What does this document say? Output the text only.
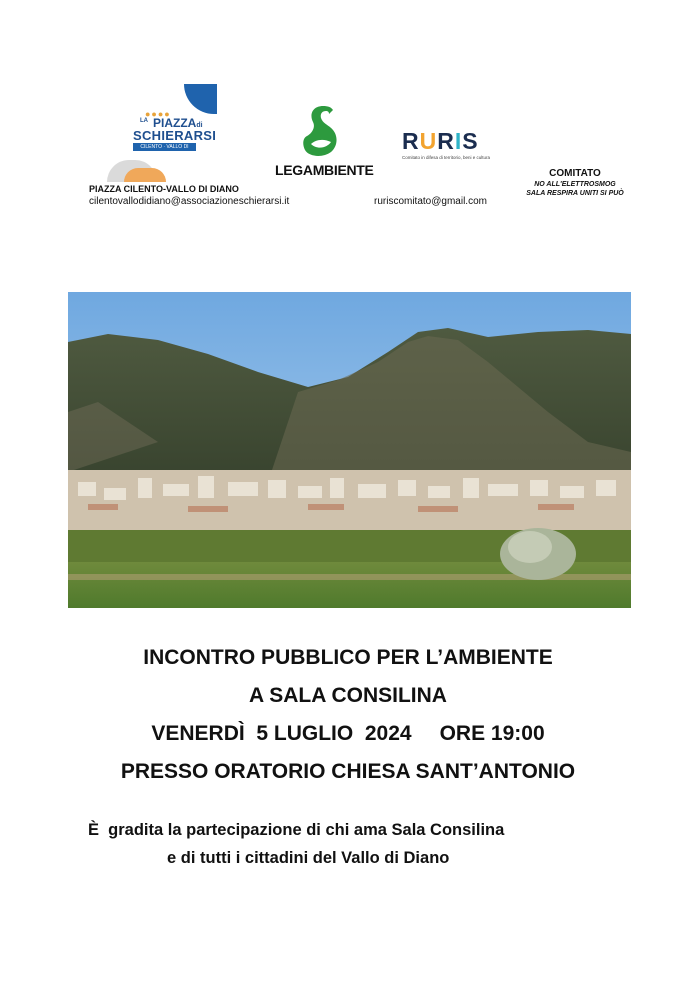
●●●●
LA PIAZZAdi
SCHIERARSI
CILENTO · VALLO DI DIANO
PIAZZA CILENTO-VALLO DI DIANO
cilentovallodidiano@associazioneschierarsi.it
LEGAMBIENTE
RURIS
Comitato in difesa di territorio, beni e cultura
ruriscomitato@gmail.com
COMITATO
NO ALL'ELETTROSMOG
SALA RESPIRA UNITI SI PUÒ
INCONTRO PUBBLICO PER L’AMBIENTE
A SALA CONSILINA
VENERDÌ  5 LUGLIO  2024 ORE 19:00
PRESSO ORATORIO CHIESA SANT’ANTONIO
È  gradita la partecipazione di chi ama Sala Consilina
e di tutti i cittadini del Vallo di Diano
